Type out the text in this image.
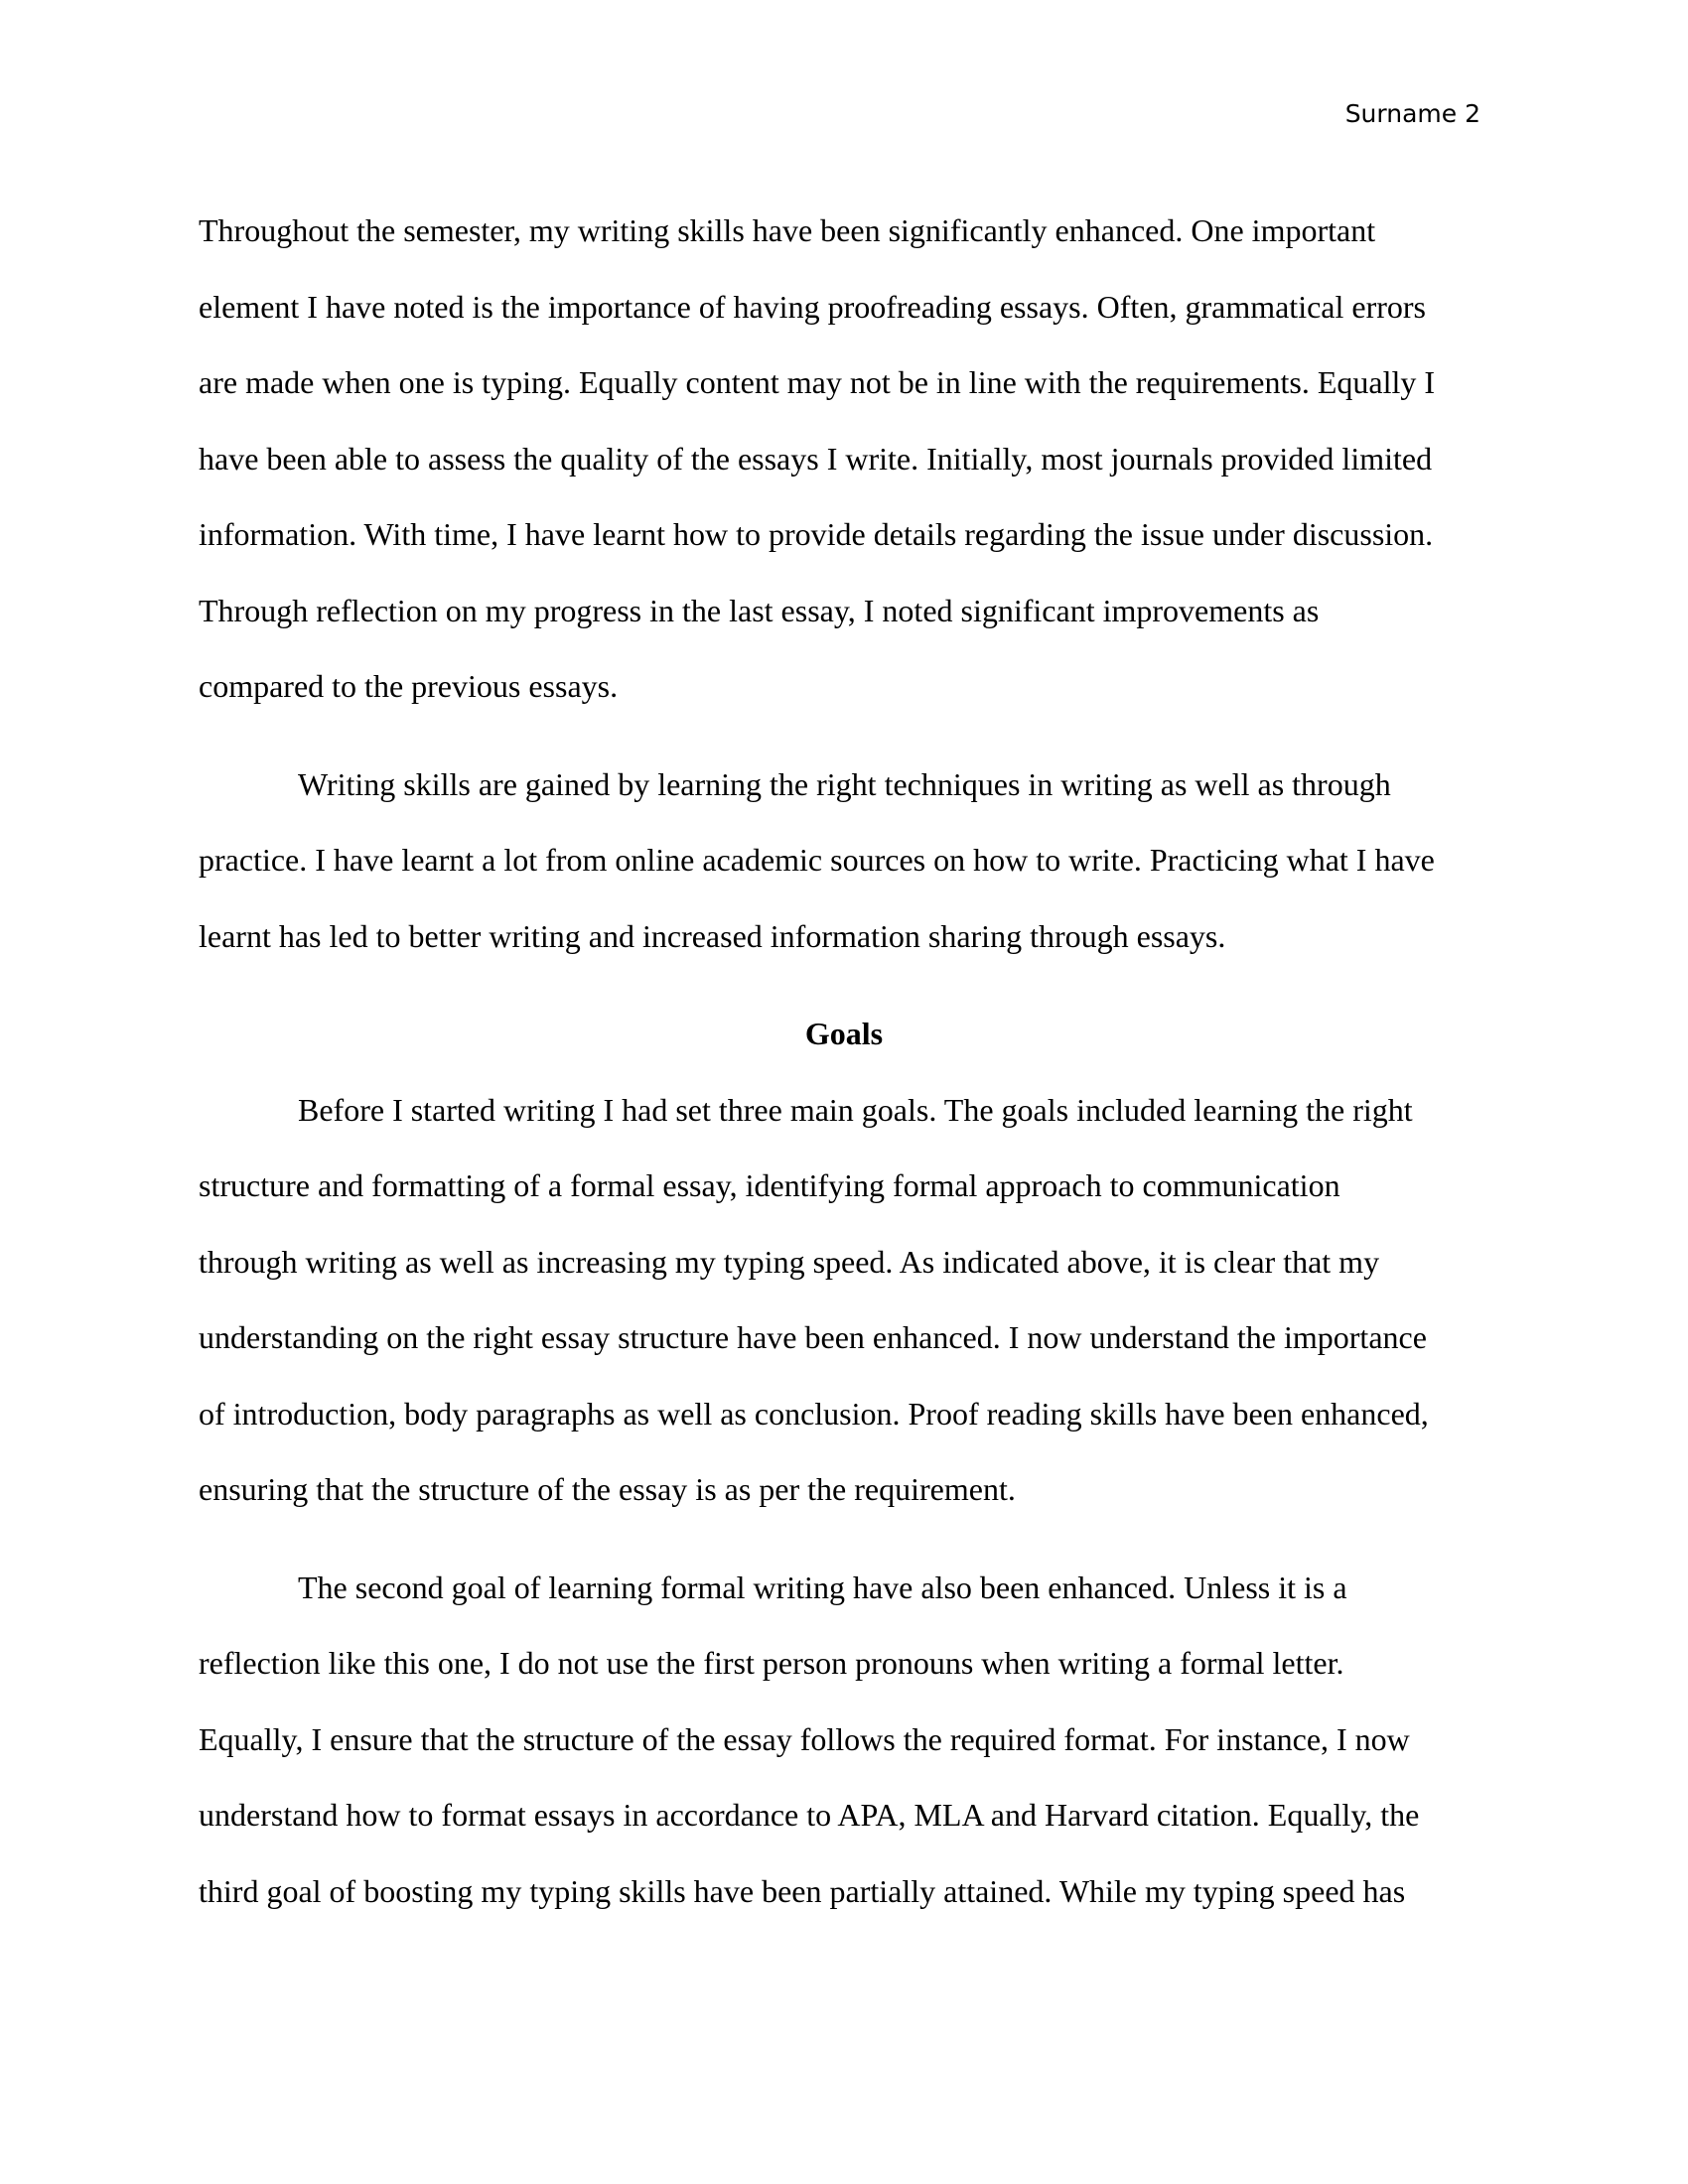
Surname 2

Throughout the semester, my writing skills have been significantly enhanced. One important
element I have noted is the importance of having proofreading essays. Often, grammatical errors
are made when one is typing. Equally content may not be in line with the requirements. Equally I
have been able to assess the quality of the essays I write. Initially, most journals provided limited
information. With time, I have learnt how to provide details regarding the issue under discussion.
Through reflection on my progress in the last essay, I noted significant improvements as
compared to the previous essays.

Writing skills are gained by learning the right techniques in writing as well as through
practice. I have learnt a lot from online academic sources on how to write. Practicing what I have
learnt has led to better writing and increased information sharing through essays.

Goals

Before I started writing I had set three main goals. The goals included learning the right
structure and formatting of a formal essay, identifying formal approach to communication
through writing as well as increasing my typing speed. As indicated above, it is clear that my
understanding on the right essay structure have been enhanced. I now understand the importance
of introduction, body paragraphs as well as conclusion. Proof reading skills have been enhanced,
ensuring that the structure of the essay is as per the requirement.

The second goal of learning formal writing have also been enhanced. Unless it is a
reflection like this one, I do not use the first person pronouns when writing a formal letter.
Equally, I ensure that the structure of the essay follows the required format. For instance, I now
understand how to format essays in accordance to APA, MLA and Harvard citation. Equally, the
third goal of boosting my typing skills have been partially attained. While my typing speed has
